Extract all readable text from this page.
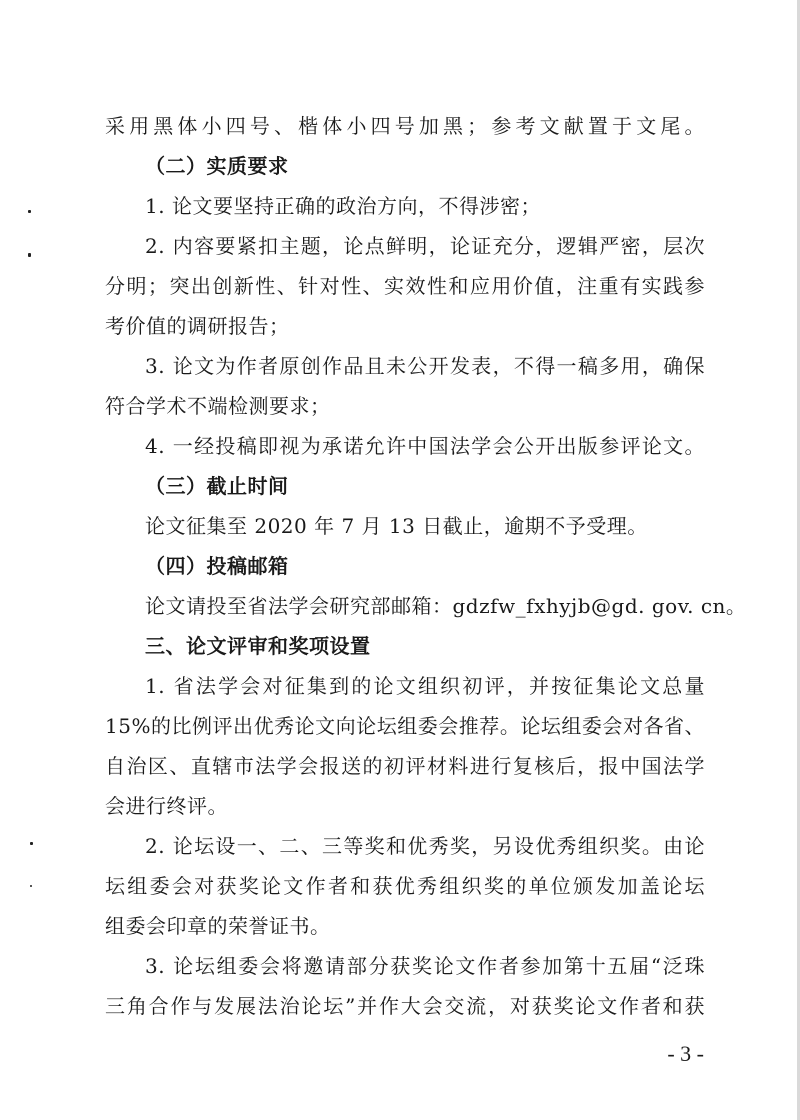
采用黑体小四号、楷体小四号加黑；参考文献置于文尾。
（二）实质要求
1. 论文要坚持正确的政治方向，不得涉密；
2. 内容要紧扣主题，论点鲜明，论证充分，逻辑严密，层次
分明；突出创新性、针对性、实效性和应用价值，注重有实践参
考价值的调研报告；
3. 论文为作者原创作品且未公开发表，不得一稿多用，确保
符合学术不端检测要求；
4. 一经投稿即视为承诺允许中国法学会公开出版参评论文。
（三）截止时间
论文征集至 2020 年 7 月 13 日截止，逾期不予受理。
（四）投稿邮箱
论文请投至省法学会研究部邮箱：gdzfw_fxhyjb@gd. gov. cn。
三、论文评审和奖项设置
1. 省法学会对征集到的论文组织初评，并按征集论文总量
15%的比例评出优秀论文向论坛组委会推荐。论坛组委会对各省、
自治区、直辖市法学会报送的初评材料进行复核后，报中国法学
会进行终评。
2. 论坛设一、二、三等奖和优秀奖，另设优秀组织奖。由论
坛组委会对获奖论文作者和获优秀组织奖的单位颁发加盖论坛
组委会印章的荣誉证书。
3. 论坛组委会将邀请部分获奖论文作者参加第十五届“泛珠
三角合作与发展法治论坛”并作大会交流，对获奖论文作者和获
- 3 -
